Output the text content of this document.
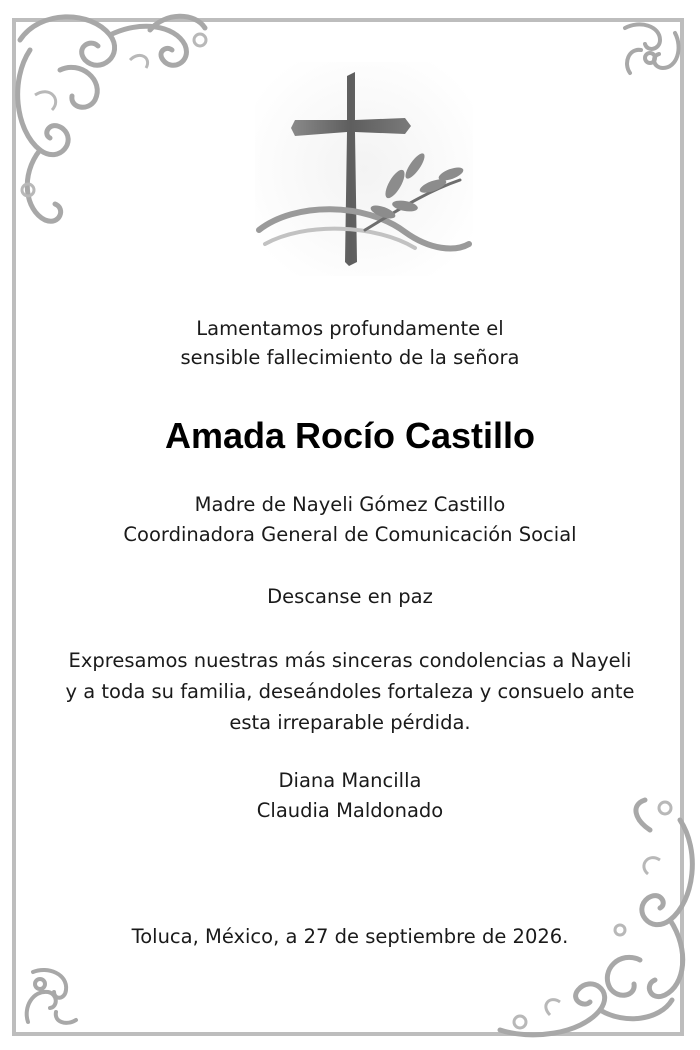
Lamentamos profundamente el
sensible fallecimiento de la señora
Amada Rocío Castillo
Madre de Nayeli Gómez Castillo
Coordinadora General de Comunicación Social
Descanse en paz
Expresamos nuestras más sinceras condolencias a Nayeli
y a toda su familia, deseándoles fortaleza y consuelo ante
esta irreparable pérdida.
Diana Mancilla
Claudia Maldonado
Toluca, México, a 27 de septiembre de 2026.
